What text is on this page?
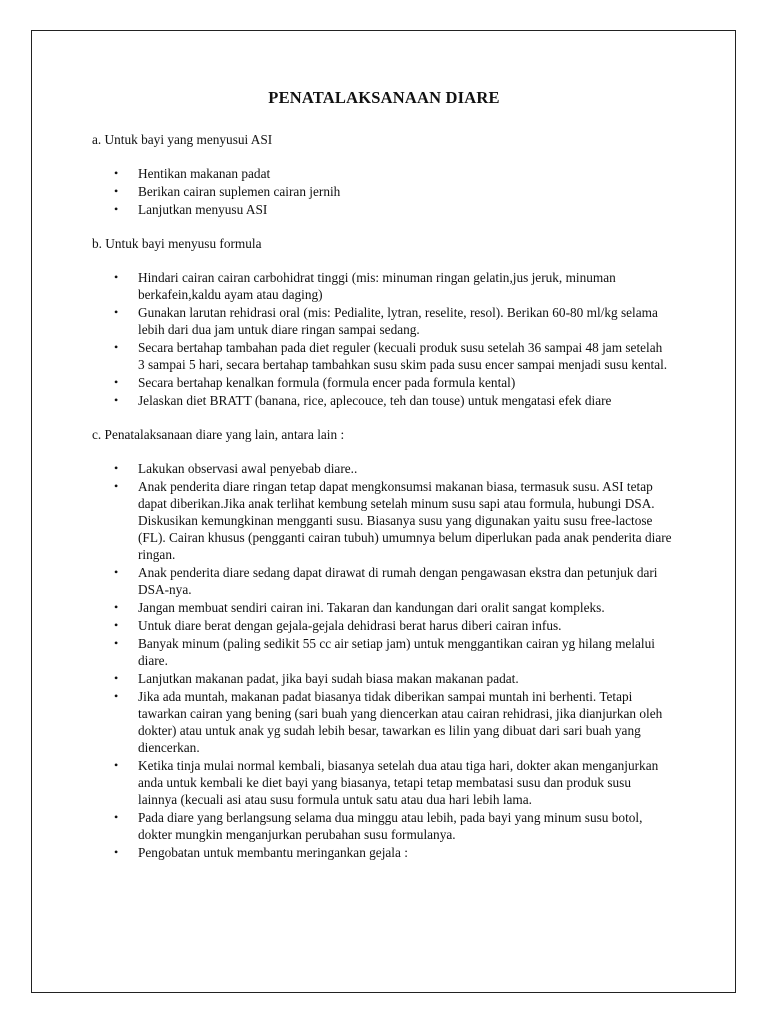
PENATALAKSANAAN DIARE

a. Untuk bayi yang menyusui ASI

• Hentikan makanan padat
• Berikan cairan suplemen cairan jernih
• Lanjutkan menyusu ASI

b. Untuk bayi menyusu formula

• Hindari cairan cairan carbohidrat tinggi (mis: minuman ringan gelatin,jus jeruk, minuman berkafein,kaldu ayam atau daging)
• Gunakan larutan rehidrasi oral (mis: Pedialite, lytran, reselite, resol). Berikan 60-80 ml/kg selama lebih dari dua jam untuk diare ringan sampai sedang.
• Secara bertahap tambahan pada diet reguler (kecuali produk susu setelah 36 sampai 48 jam setelah 3 sampai 5 hari, secara bertahap tambahkan susu skim pada susu encer sampai menjadi susu kental.
• Secara bertahap kenalkan formula (formula encer pada formula kental)
• Jelaskan diet BRATT (banana, rice, aplecouce, teh dan touse) untuk mengatasi efek diare

c. Penatalaksanaan diare yang lain, antara lain :

• Lakukan observasi awal penyebab diare..
• Anak penderita diare ringan tetap dapat mengkonsumsi makanan biasa, termasuk susu. ASI tetap dapat diberikan.Jika anak terlihat kembung setelah minum susu sapi atau formula, hubungi DSA. Diskusikan kemungkinan mengganti susu. Biasanya susu yang digunakan yaitu susu free-lactose (FL). Cairan khusus (pengganti cairan tubuh) umumnya belum diperlukan pada anak penderita diare ringan.
• Anak penderita diare sedang dapat dirawat di rumah dengan pengawasan ekstra dan petunjuk dari DSA-nya.
• Jangan membuat sendiri cairan ini. Takaran dan kandungan dari oralit sangat kompleks.
• Untuk diare berat dengan gejala-gejala dehidrasi berat harus diberi cairan infus.
• Banyak minum (paling sedikit 55 cc air setiap jam) untuk menggantikan cairan yg hilang melalui diare.
• Lanjutkan makanan padat, jika bayi sudah biasa makan makanan padat.
• Jika ada muntah, makanan padat biasanya tidak diberikan sampai muntah ini berhenti. Tetapi tawarkan cairan yang bening (sari buah yang diencerkan atau cairan rehidrasi, jika dianjurkan oleh dokter) atau untuk anak yg sudah lebih besar, tawarkan es lilin yang dibuat dari sari buah yang diencerkan.
• Ketika tinja mulai normal kembali, biasanya setelah dua atau tiga hari, dokter akan menganjurkan anda untuk kembali ke diet bayi yang biasanya, tetapi tetap membatasi susu dan produk susu lainnya (kecuali asi atau susu formula untuk satu atau dua hari lebih lama.
• Pada diare yang berlangsung selama dua minggu atau lebih, pada bayi yang minum susu botol, dokter mungkin menganjurkan perubahan susu formulanya.
• Pengobatan untuk membantu meringankan gejala :
